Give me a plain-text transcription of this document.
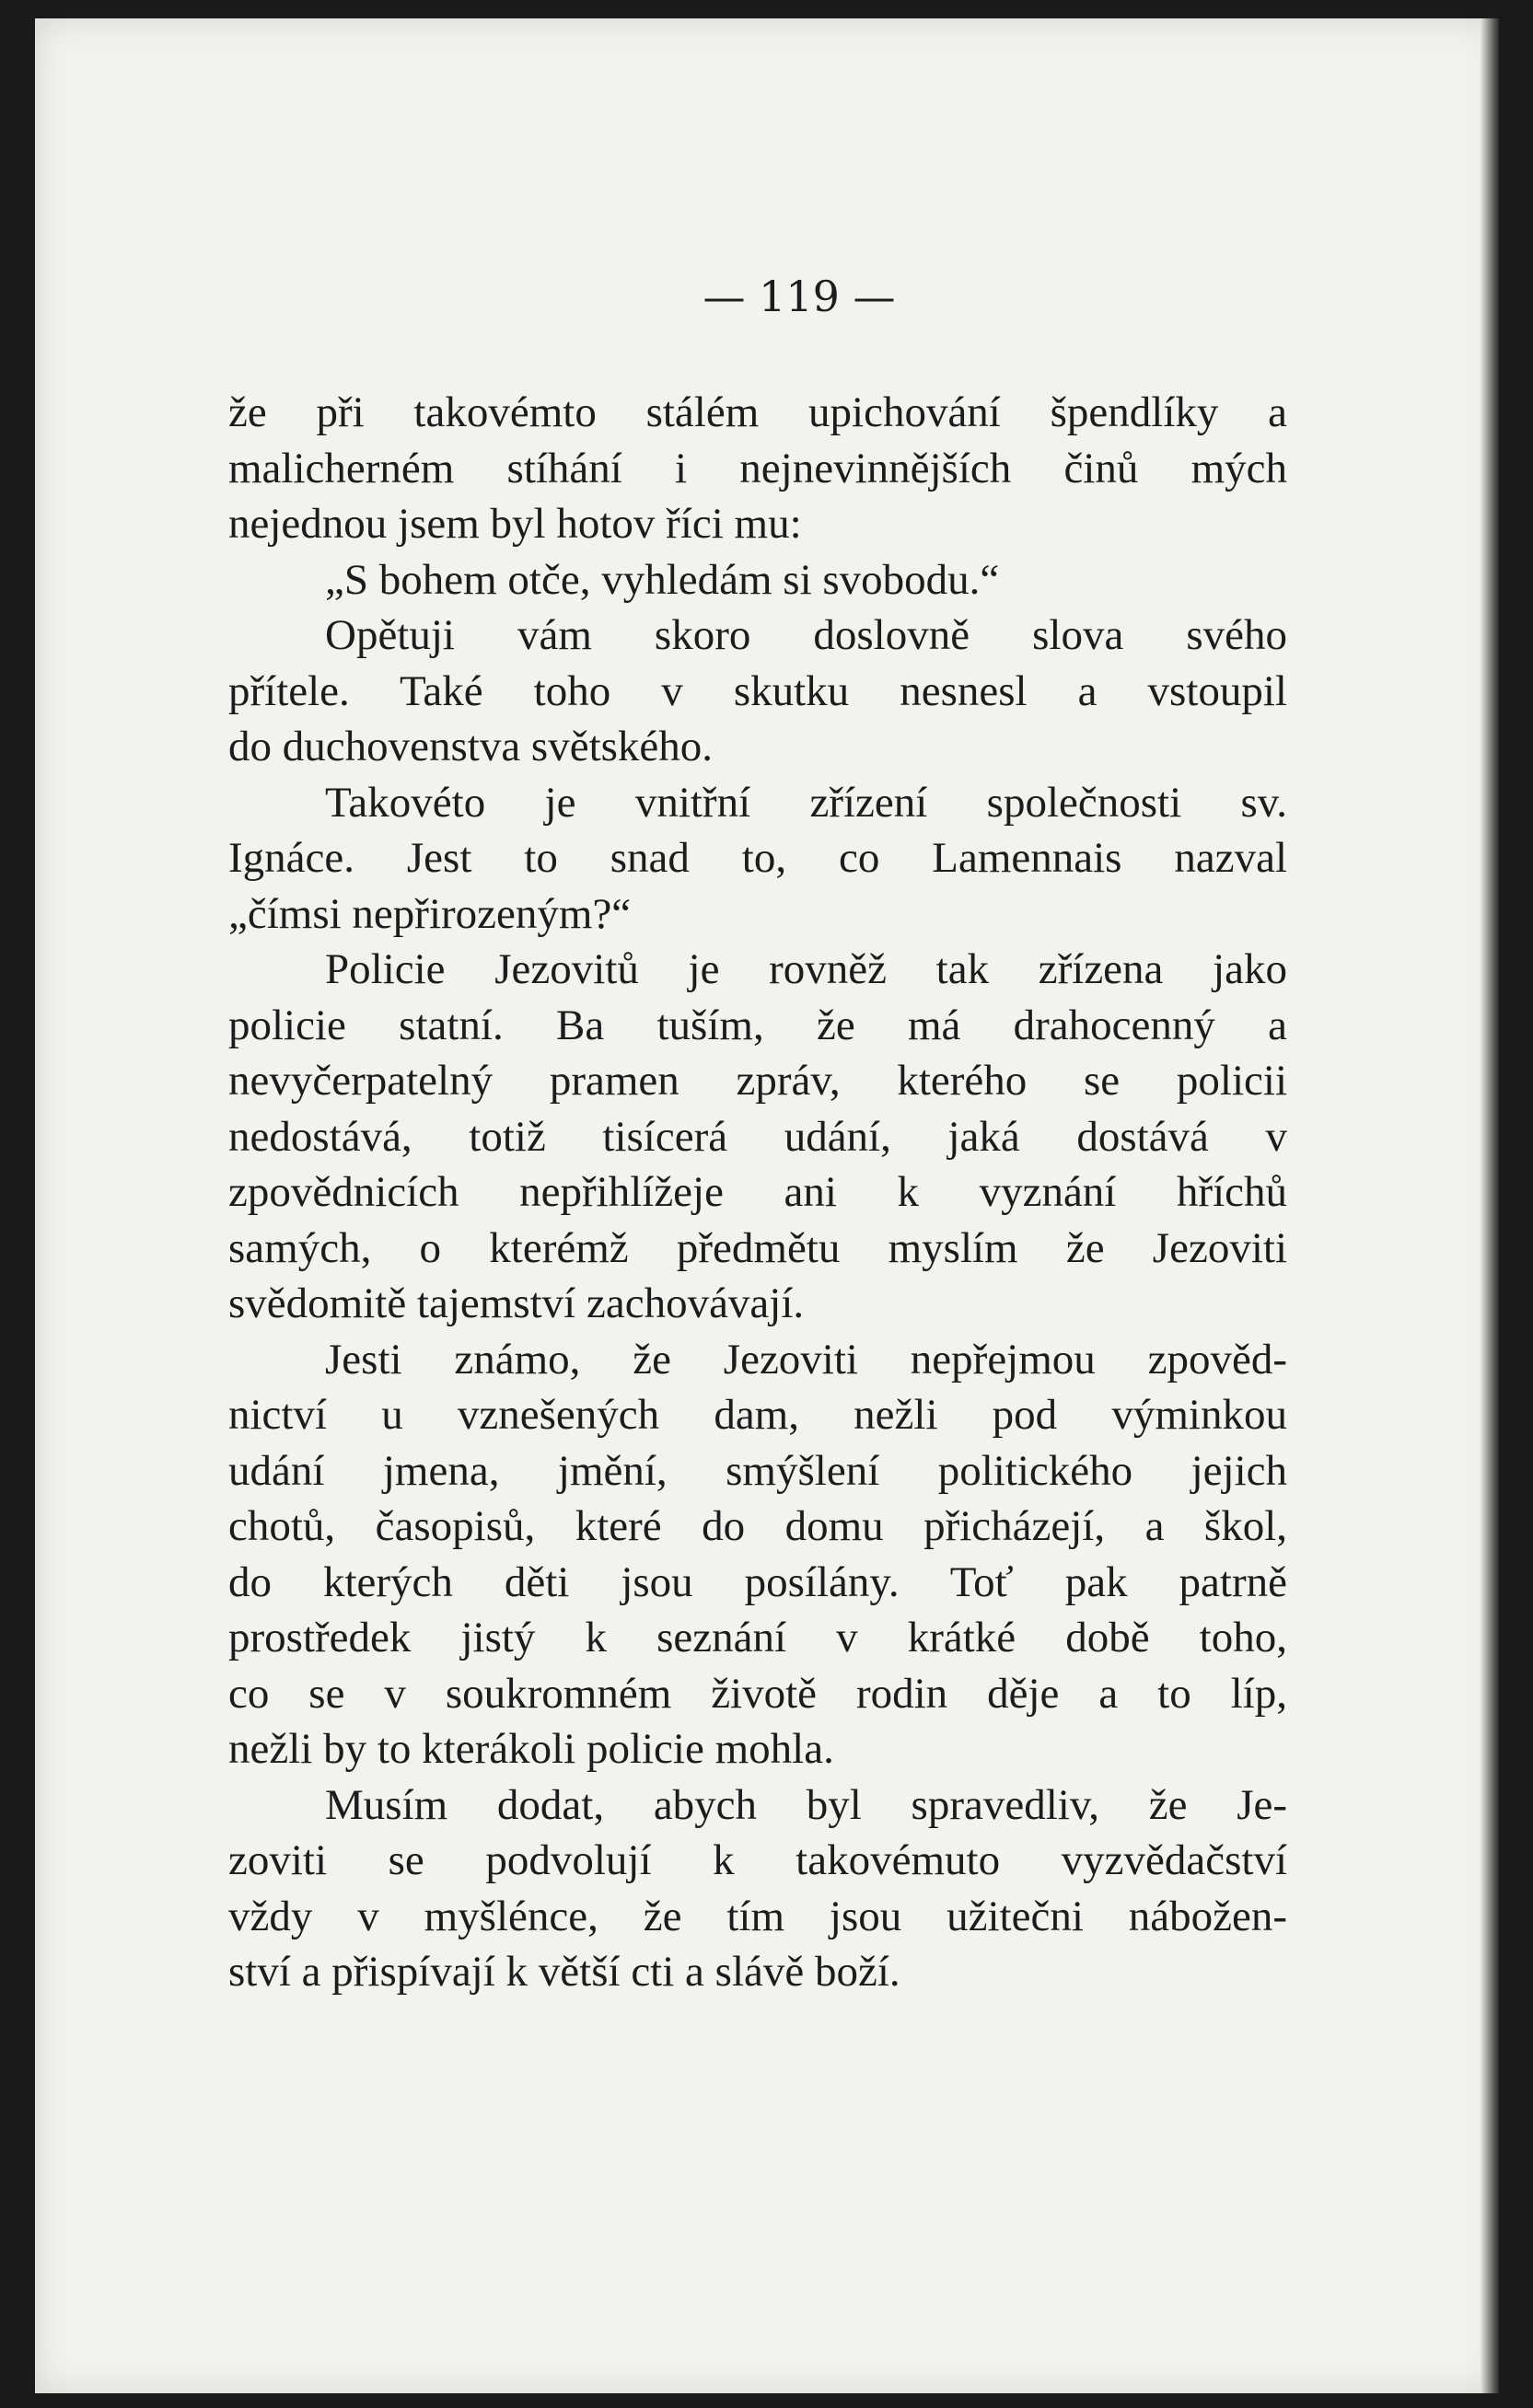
— 119 —
že při takovémto stálém upichování špendlíky a
malicherném stíhání i nejnevinnějších činů mých
nejednou jsem byl hotov říci mu:
„S bohem otče, vyhledám si svobodu.“
Opětuji vám skoro doslovně slova svého
přítele. Také toho v skutku nesnesl a vstoupil
do duchovenstva světského.
Takovéto je vnitřní zřízení společnosti sv.
Ignáce. Jest to snad to, co Lamennais nazval
„čímsi nepřirozeným?“
Policie Jezovitů je rovněž tak zřízena jako
policie statní. Ba tuším, že má drahocenný a
nevyčerpatelný pramen zpráv, kterého se policii
nedostává, totiž tisícerá udání, jaká dostává v
zpovědnicích nepřihlížeje ani k vyznání hříchů
samých, o kterémž předmětu myslím že Jezoviti
svědomitě tajemství zachovávají.
Jesti známo, že Jezoviti nepřejmou zpověd-
nictví u vznešených dam, nežli pod výminkou
udání jmena, jmění, smýšlení politického jejich
chotů, časopisů, které do domu přicházejí, a škol,
do kterých děti jsou posílány. Toť pak patrně
prostředek jistý k seznání v krátké době toho,
co se v soukromném životě rodin děje a to líp,
nežli by to kterákoli policie mohla.
Musím dodat, abych byl spravedliv, že Je-
zoviti se podvolují k takovémuto vyzvědačství
vždy v myšlénce, že tím jsou užitečni nábožen-
ství a přispívají k větší cti a slávě boží.
